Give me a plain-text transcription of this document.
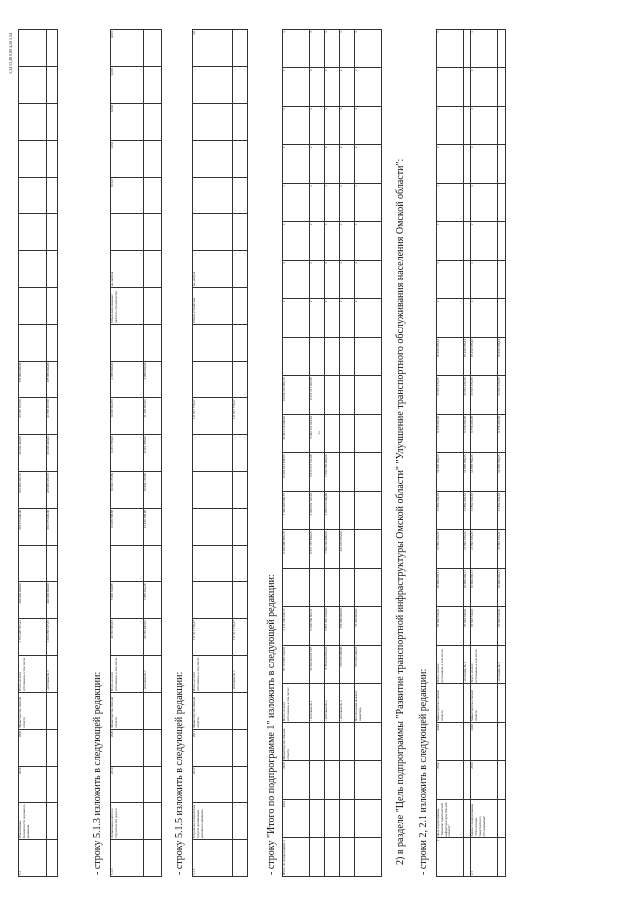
2
5.1	Обеспечение безопасности дорожного движения	2014	2020	Министерство Омской области	Всего, из всех источников, в том числе:	1 753 328 561,42	400 000 000,00		363 375 000,00	235 996 335,72	30 433 420,00	43 795 107,80	178 989 000,00									
					- источник № 1	1 333 258 137,35	400 000 000,00		363 375 000,00	235 996 335,72	30 433 420,00	43 795 107,80	178 989 000,00									
1,34 13,48 0,80 4,50 1,54
- строку 5.1.3 изложить в следующей редакции:	5.1.3	Организация работ по строительству дороги	2014	2020	Министерство Омской области	Всего, из всех источников, в том числе:	40 791 845,83	7 096 320,88		13 469 798,88	10 004 176,80	9 219 768,00	10 318 062,83	4 988 000,00		Объем выполненных работ по строительству	кв. метров		10 027	1,063	0,003	0,019	0,016
					- источник № 1	40 791 845,83	7 086 024,28		13 469 798,88	10 004 176,80	9 219 768,00	11 318 062,83	4 988 000,00									
- строку 5.1.5 изложить в следующей редакции:	5.1.5	Устройство технических средств организации дорожного движения	2017	2017	Министерство Омской области	Всего, из всех источников, в том числе:	111 817 779,27						111 817 779,27			Объем устройства	кв. метров						2,0
					- источник № 1	111 817 779,27						111 817 779,27										
- строку "Итого по подпрограмме 1" изложить в следующей редакции:	Итого по подпрограмме 1	2014	2020	Министерство Омской области	Всего, из всех источников, в том числе:	81 173 987 562,05	7 211 109 638,17		9 660 980 866,79	7 369 406 669,73	12 062 813 848,83	10 963 316 906,95	14 059 316 986,15		х	х	х	х	х	х	х	х
				- источник № 1	53 362 966 811,07	6 799 760 863,11		8 671 787 860,55	5 069 852 125,06	6 913 571 511,08	8 992 237 041,44	8 312 371 303,38		х	х	х	х	х	х	х	х
				- источник № 2	8 554 034 053,33	2 867 305 353,09		1 600 794 998,00	1 958 575 500,00	1 650 700 000,00				х	х	х	х	х	х	х	х
				- источник № 3	219 638 306,00	259 699 006,00		223 633 053,00						х	х	х	х	х	х	х	х
				Поступления целевого характера	575 643 249,03	55 594 903,82								х	х	х	х	х	х	х	х
2) в разделе "Цель подпрограммы "Развитие транспортной инфраструктуры Омской области" "Улучшение транспортного обслуживания населения Омской области": - строки 2, 2.1 изложить в следующей редакции:	2	Цель подпрограммы "Развитие транспортной инфраструктуры Омской области"	2014	2020	Министерство Омской области	Всего, из всех источников, в том числе:	97 693 634,01	10 099 205,11	21 892 333,33	11 892 333,33	14 858 790,25	9 779 245,68	16 567 273,35	18 459 578,43	х	х	х	х	х	х	х	х
					- источник № 1	97 693 634,01	10 099 205,11	21 892 333,33	11 892 333,33	14 858 790,25	9 779 245,68	16 567 273,35	18 459 578,43								
2.1	Задача 1 подпрограммы "Обеспечение транспортного обслуживания"	2014	2020	Министерство Омской области	Всего, из всех источников, в том числе:	97 693 634,01	10 099 205,11	21 892 333,33	11 892 333,33	14 858 790,25	9 779 245,68	16 567 273,35	18 459 578,43	х	х	х	х	х	х	х	х
					- источник № 1	97 693 634,01	10 099 205,11	21 892 333,33	11 892 333,33	14 858 790,25	9 779 245,68	16 567 273,35	18 459 578,43								
